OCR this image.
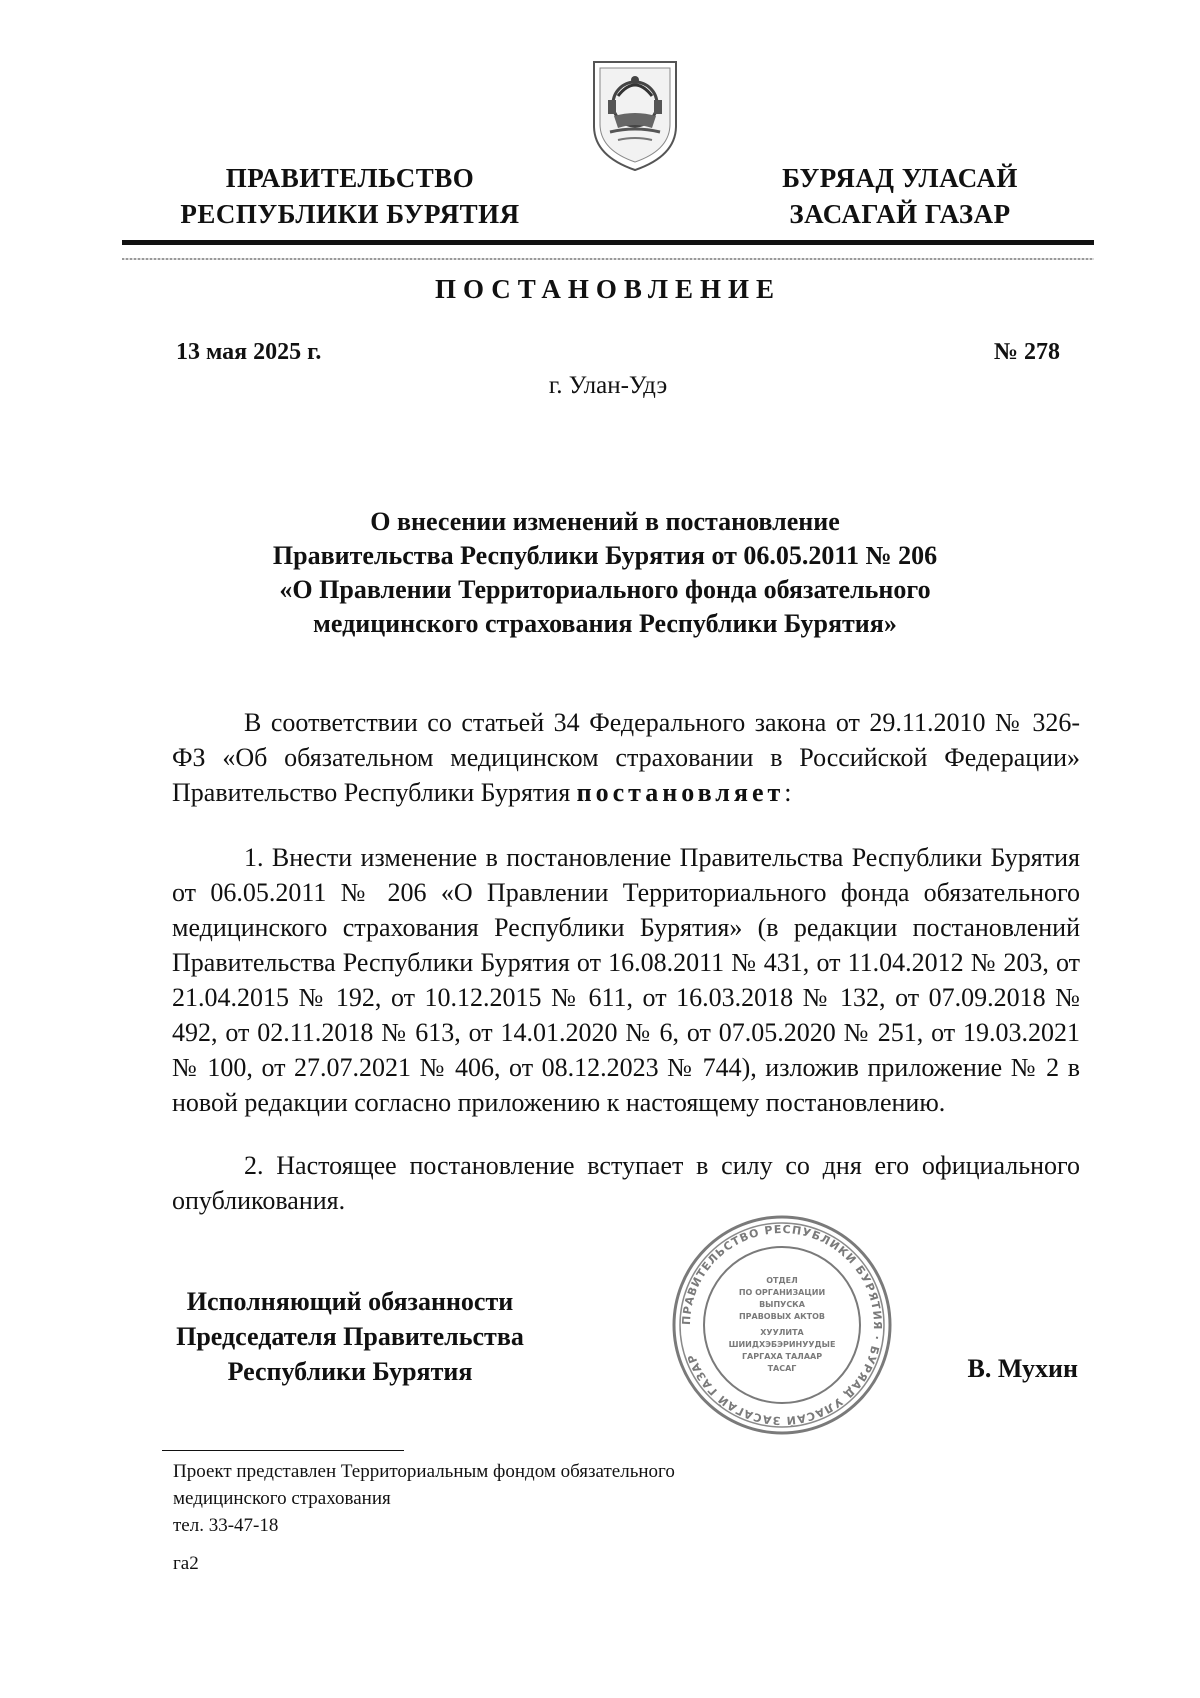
ПРАВИТЕЛЬСТВО
РЕСПУБЛИКИ БУРЯТИЯ
БУРЯАД УЛАСАЙ
ЗАСАГАЙ ГАЗАР
ПОСТАНОВЛЕНИЕ
13 мая 2025 г.	№ 278
г. Улан-Удэ
О внесении изменений в постановление
Правительства Республики Бурятия от 06.05.2011 № 206
«О Правлении Территориального фонда обязательного
медицинского страхования Республики Бурятия»

В соответствии со статьей 34 Федерального закона от 29.11.2010 № 326-ФЗ «Об обязательном медицинском страховании в Российской Федерации» Правительство Республики Бурятия постановляет:

1. Внести изменение в постановление Правительства Республики Бурятия от 06.05.2011 № 206 «О Правлении Территориального фонда обязательного медицинского страхования Республики Бурятия» (в редакции постановлений Правительства Республики Бурятия от 16.08.2011 № 431, от 11.04.2012 № 203, от 21.04.2015 № 192, от 10.12.2015 № 611, от 16.03.2018 № 132, от 07.09.2018 № 492, от 02.11.2018 № 613, от 14.01.2020 № 6, от 07.05.2020 № 251, от 19.03.2021 № 100, от 27.07.2021 № 406, от 08.12.2023 № 744), изложив приложение № 2 в новой редакции согласно приложению к настоящему постановлению.

2. Настоящее постановление вступает в силу со дня его официального опубликования.

Исполняющий обязанности
Председателя Правительства
Республики Бурятия
ПРАВИТЕЛЬСТВО РЕСПУБЛИКИ БУРЯТИЯ · БУРЯАД УЛАСАЙ ЗАСАГАЙ ГАЗАР
ОТДЕЛ
ПО ОРГАНИЗАЦИИ
ВЫПУСКА
ПРАВОВЫХ АКТОВ
ХУУЛИТА
ШИИДХЭБЭРИНУУДЫЕ
ГАРГАХА ТАЛААР
ТАСАГ	В. Мухин
Проект представлен Территориальным фондом обязательного
медицинского страхования
тел. 33-47-18
га2
